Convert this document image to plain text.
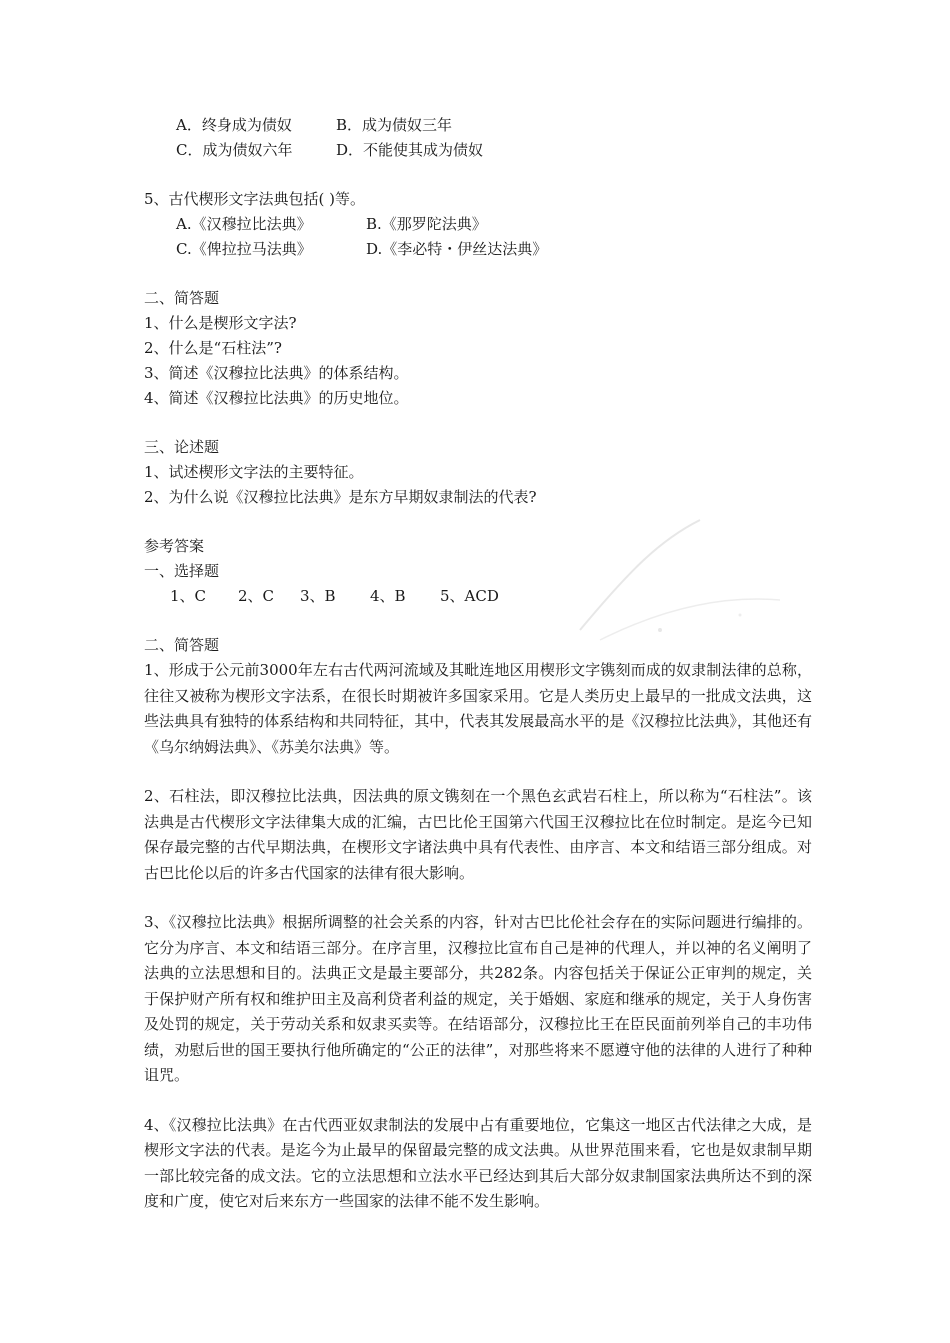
A．终身成为债奴	B．成为债奴三年
C．成为债奴六年	D．不能使其成为债奴
5、古代楔形文字法典包括( )等。
A.《汉穆拉比法典》	B.《那罗陀法典》
C.《俾拉拉马法典》	D.《李必特・伊丝达法典》
二、简答题
1、什么是楔形文字法?
2、什么是“石柱法”?
3、简述《汉穆拉比法典》的体系结构。
4、简述《汉穆拉比法典》的历史地位。
三、论述题
1、试述楔形文字法的主要特征。
2、为什么说《汉穆拉比法典》是东方早期奴隶制法的代表?
参考答案
一、选择题
1、C 2、C 3、B 4、B 5、ACD
二、简答题

1、形成于公元前3000年左右古代两河流域及其毗连地区用楔形文字镌刻而成的奴隶制法律的总称，往往又被称为楔形文字法系，在很长时期被许多国家采用。它是人类历史上最早的一批成文法典，这些法典具有独特的体系结构和共同特征，其中，代表其发展最高水平的是《汉穆拉比法典》，其他还有《乌尔纳姆法典》、《苏美尔法典》等。

2、石柱法，即汉穆拉比法典，因法典的原文镌刻在一个黑色玄武岩石柱上，所以称为“石柱法”。该法典是古代楔形文字法律集大成的汇编，古巴比伦王国第六代国王汉穆拉比在位时制定。是迄今已知保存最完整的古代早期法典，在楔形文字诸法典中具有代表性、由序言、本文和结语三部分组成。对古巴比伦以后的许多古代国家的法律有很大影响。

3、《汉穆拉比法典》根据所调整的社会关系的内容，针对古巴比伦社会存在的实际问题进行编排的。它分为序言、本文和结语三部分。在序言里，汉穆拉比宣布自己是神的代理人，并以神的名义阐明了法典的立法思想和目的。法典正文是最主要部分，共282条。内容包括关于保证公正审判的规定，关于保护财产所有权和维护田主及高利贷者利益的规定，关于婚姻、家庭和继承的规定，关于人身伤害及处罚的规定，关于劳动关系和奴隶买卖等。在结语部分，汉穆拉比王在臣民面前列举自己的丰功伟绩，劝慰后世的国王要执行他所确定的“公正的法律”，对那些将来不愿遵守他的法律的人进行了种种诅咒。

4、《汉穆拉比法典》在古代西亚奴隶制法的发展中占有重要地位，它集这一地区古代法律之大成，是楔形文字法的代表。是迄今为止最早的保留最完整的成文法典。从世界范围来看，它也是奴隶制早期一部比较完备的成文法。它的立法思想和立法水平已经达到其后大部分奴隶制国家法典所达不到的深度和广度，使它对后来东方一些国家的法律不能不发生影响。
